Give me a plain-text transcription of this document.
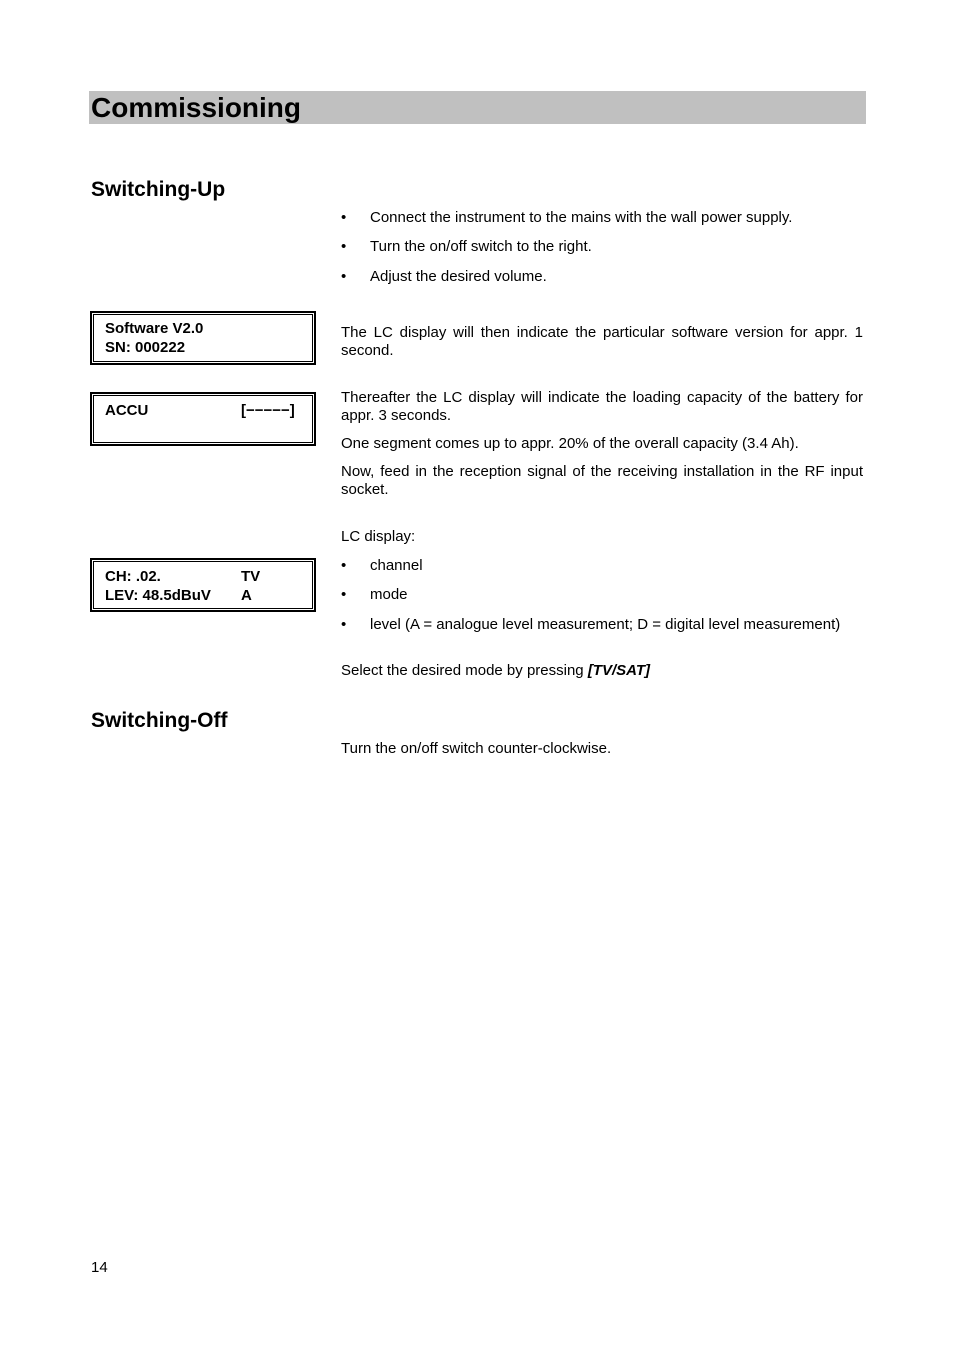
Commissioning
Switching-Up
•	Connect the instrument to the mains with the wall power supply.
•	Turn the on/off switch to the right.
•	Adjust the desired volume.
Software V2.0
SN: 000222

The LC display will then indicate the particular software version for appr. 1 second.

ACCU	[−−−−−]

Thereafter the LC display will indicate the loading capacity of the battery for appr. 3 seconds.

One segment comes up to appr. 20% of the overall capacity (3.4 Ah).

Now, feed in the reception signal of the receiving installation in the RF input socket.

LC display:

CH: .02.	TV
LEV: 48.5dBuV A
•	channel
•	mode
•	level (A = analogue level measurement; D = digital level measurement)

Select the desired mode by pressing [TV/SAT]

Switching-Off

Turn the on/off switch counter-clockwise.

14
